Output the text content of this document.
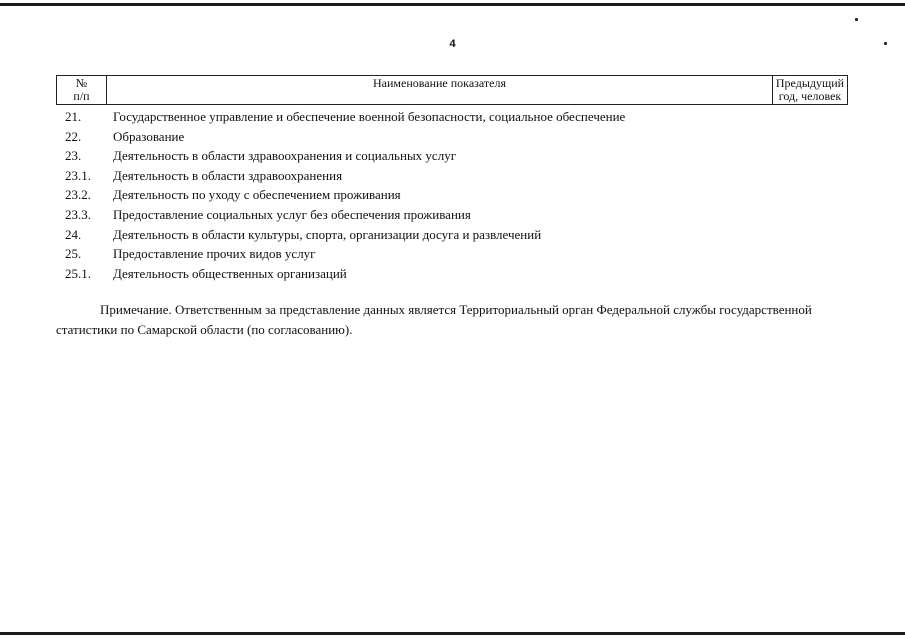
4
№
п/п
Наименование показателя	Предыдущий
год, человек
21. Государственное управление и обеспечение военной безопасности, социальное обеспечение
22. Образование
23. Деятельность в области здравоохранения и социальных услуг
23.1. Деятельность в области здравоохранения
23.2. Деятельность по уходу с обеспечением проживания
23.3. Предоставление социальных услуг без обеспечения проживания
24. Деятельность в области культуры, спорта, организации досуга и развлечений
25. Предоставление прочих видов услуг
25.1. Деятельность общественных организаций
Примечание. Ответственным за представление данных является Территориальный орган Федеральной службы государственной статистики по Самарской области (по согласованию).
